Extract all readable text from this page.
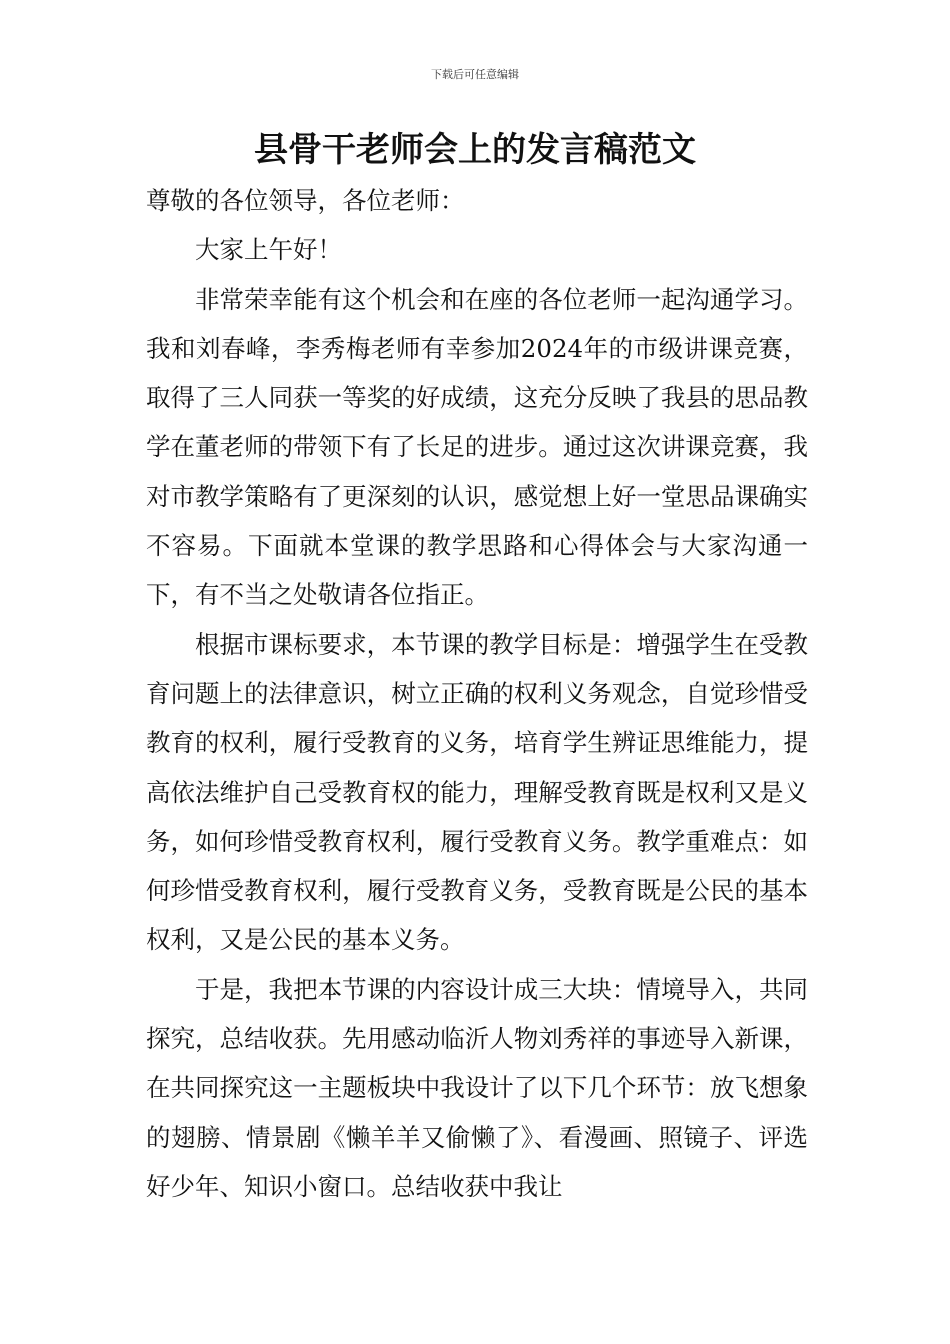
下载后可任意编辑
县骨干老师会上的发言稿范文

尊敬的各位领导，各位老师：

大家上午好！

非常荣幸能有这个机会和在座的各位老师一起沟通学习。我和刘春峰，李秀梅老师有幸参加2024年的市级讲课竞赛，取得了三人同获一等奖的好成绩，这充分反映了我县的思品教学在董老师的带领下有了长足的进步。通过这次讲课竞赛，我对市教学策略有了更深刻的认识，感觉想上好一堂思品课确实不容易。下面就本堂课的教学思路和心得体会与大家沟通一下，有不当之处敬请各位指正。

根据市课标要求，本节课的教学目标是：增强学生在受教育问题上的法律意识，树立正确的权利义务观念，自觉珍惜受教育的权利，履行受教育的义务，培育学生辨证思维能力，提高依法维护自己受教育权的能力，理解受教育既是权利又是义务，如何珍惜受教育权利，履行受教育义务。教学重难点：如何珍惜受教育权利，履行受教育义务，受教育既是公民的基本权利，又是公民的基本义务。

于是，我把本节课的内容设计成三大块：情境导入，共同探究，总结收获。先用感动临沂人物刘秀祥的事迹导入新课，在共同探究这一主题板块中我设计了以下几个环节：放飞想象的翅膀、情景剧《懒羊羊又偷懒了》、看漫画、照镜子、评选好少年、知识小窗口。总结收获中我让
